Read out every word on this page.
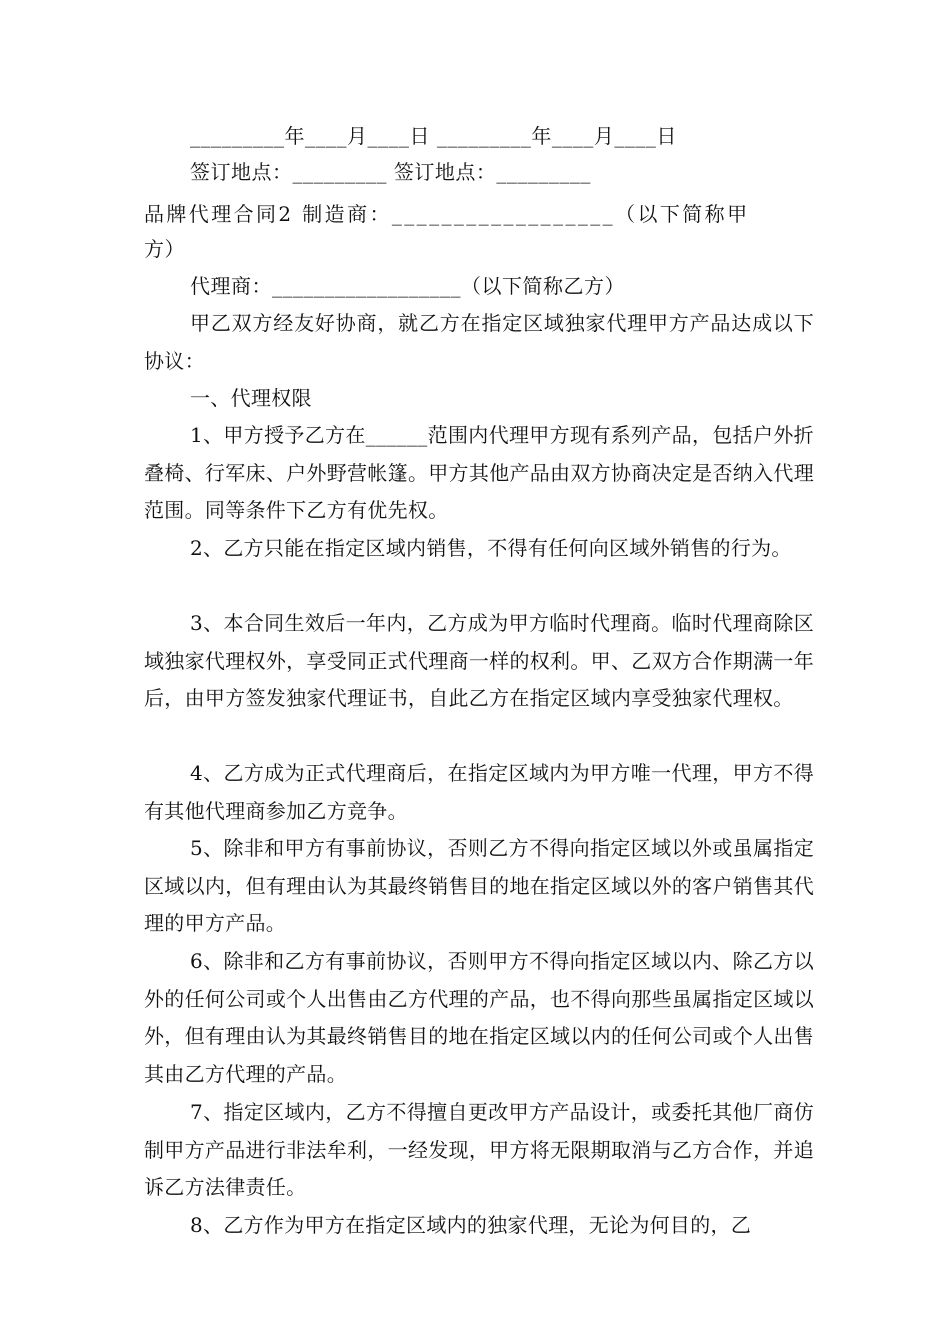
_________年____月____日 _________年____月____日
签订地点：_________ 签订地点：_________
品牌代理合同2 制造商：__________________（以下简称甲
方）
代理商：__________________（以下简称乙方）
甲乙双方经友好协商，就乙方在指定区域独家代理甲方产品达成以下协议：
一、代理权限
1、甲方授予乙方在______范围内代理甲方现有系列产品，包括户外折叠椅、行军床、户外野营帐篷。甲方其他产品由双方协商决定是否纳入代理范围。同等条件下乙方有优先权。
2、乙方只能在指定区域内销售，不得有任何向区域外销售的行为。
3、本合同生效后一年内，乙方成为甲方临时代理商。临时代理商除区域独家代理权外，享受同正式代理商一样的权利。甲、乙双方合作期满一年后，由甲方签发独家代理证书，自此乙方在指定区域内享受独家代理权。
4、乙方成为正式代理商后，在指定区域内为甲方唯一代理，甲方不得有其他代理商参加乙方竞争。
5、除非和甲方有事前协议，否则乙方不得向指定区域以外或虽属指定区域以内，但有理由认为其最终销售目的地在指定区域以外的客户销售其代理的甲方产品。
6、除非和乙方有事前协议，否则甲方不得向指定区域以内、除乙方以外的任何公司或个人出售由乙方代理的产品，也不得向那些虽属指定区域以外，但有理由认为其最终销售目的地在指定区域以内的任何公司或个人出售其由乙方代理的产品。
7、指定区域内，乙方不得擅自更改甲方产品设计，或委托其他厂商仿制甲方产品进行非法牟利，一经发现，甲方将无限期取消与乙方合作，并追诉乙方法律责任。
8、乙方作为甲方在指定区域内的独家代理，无论为何目的，乙
